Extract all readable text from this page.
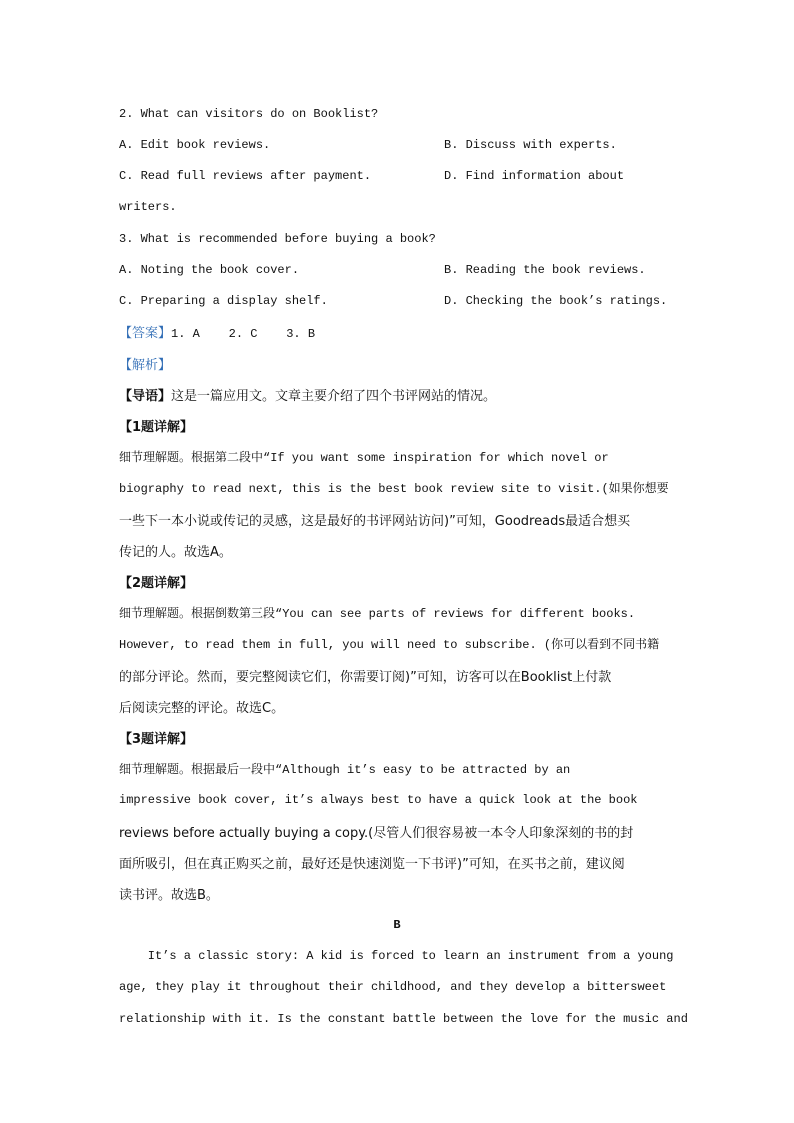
2. What can visitors do on Booklist?
A. Edit book reviews.	B. Discuss with experts.
C. Read full reviews after payment.	D. Find information about
writers.
3. What is recommended before buying a book?
A. Noting the book cover.	B. Reading the book reviews.
C. Preparing a display shelf.	D. Checking the book’s ratings.
【答案】1. A    2. C    3. B
【解析】
【导语】这是一篇应用文。文章主要介绍了四个书评网站的情况。
【1题详解】
细节理解题。根据第二段中“If you want some inspiration for which novel or
biography to read next, this is the best book review site to visit.(如果你想要
一些下一本小说或传记的灵感，这是最好的书评网站访问)”可知，Goodreads最适合想买
传记的人。故选A。
【2题详解】
细节理解题。根据倒数第三段“You can see parts of reviews for different books.
However, to read them in full, you will need to subscribe. (你可以看到不同书籍
的部分评论。然而，要完整阅读它们，你需要订阅)”可知，访客可以在Booklist上付款
后阅读完整的评论。故选C。
【3题详解】
细节理解题。根据最后一段中“Although it’s easy to be attracted by an
impressive book cover, it’s always best to have a quick look at the book
reviews before actually buying a copy.(尽管人们很容易被一本令人印象深刻的书的封
面所吸引，但在真正购买之前，最好还是快速浏览一下书评)”可知，在买书之前，建议阅
读书评。故选B。
B
It’s a classic story: A kid is forced to learn an instrument from a young
age, they play it throughout their childhood, and they develop a bittersweet
relationship with it. Is the constant battle between the love for the music and
